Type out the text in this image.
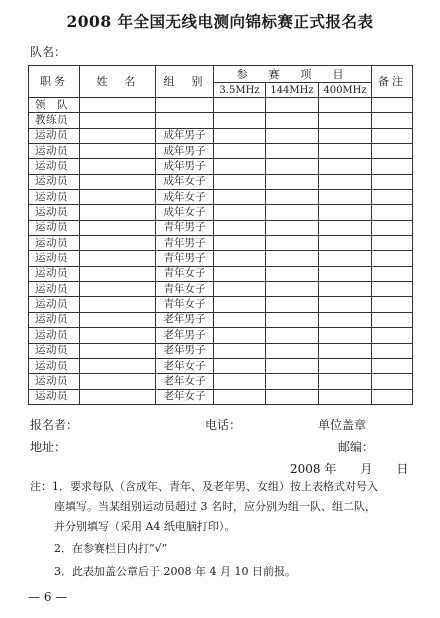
2008 年全国无线电测向锦标赛正式报名表
队名：
职务	姓　名	组　别	参　赛　项　目			备注
			3.5MHz	144MHz	400MHz	
领　队						
教练员						
运动员		成年男子				
运动员		成年男子				
运动员		成年男子				
运动员		成年女子				
运动员		成年女子				
运动员		成年女子				
运动员		青年男子				
运动员		青年男子				
运动员		青年男子				
运动员		青年女子				
运动员		青年女子				
运动员		青年女子				
运动员		老年男子				
运动员		老年男子				
运动员		老年男子				
运动员		老年女子				
运动员		老年女子				
运动员		老年女子				
报名者：	电话：	单位盖章
地址：	邮编：
2008 年　　月　　日
注：1．要求每队（含成年、青年、及老年男、女组）按上表格式对号入
座填写。当某组别运动员超过 3 名时，应分别为组一队、组二队，
并分别填写（采用 A4 纸电脑打印）。
2．在参赛栏目内打“√”
3．此表加盖公章后于 2008 年 4 月 10 日前报。
— 6 —
